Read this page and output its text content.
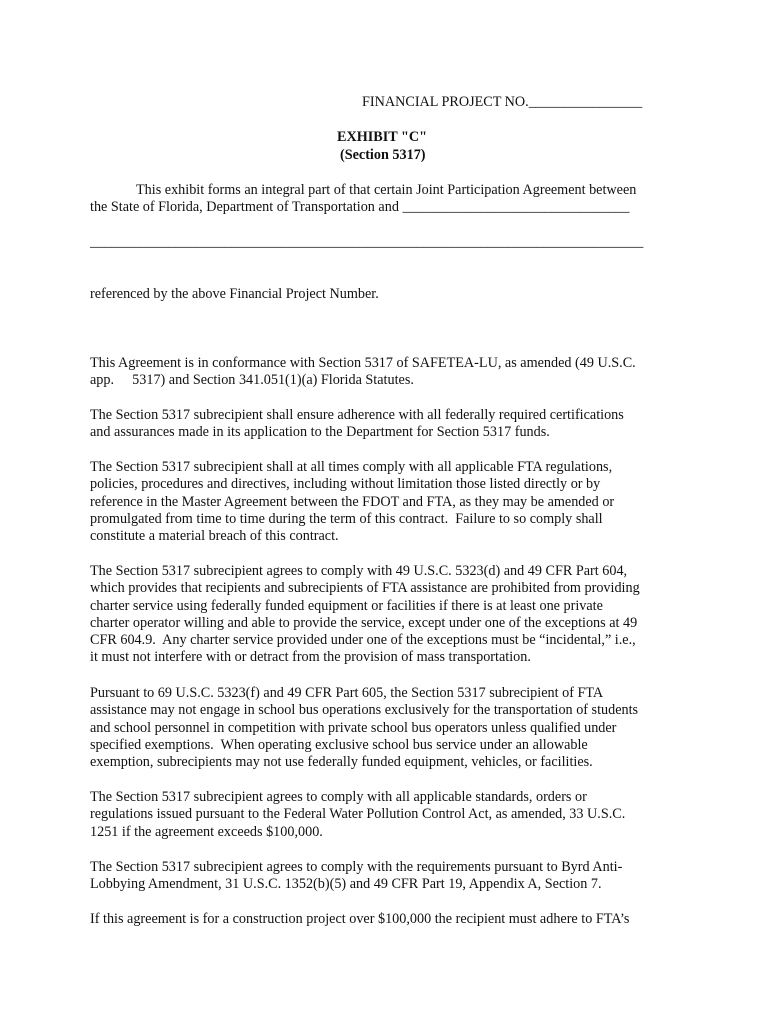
FINANCIAL PROJECT NO.________________
EXHIBIT "C"
(Section 5317)
This exhibit forms an integral part of that certain Joint Participation Agreement between
the State of Florida, Department of Transportation and ________________________________
______________________________________________________________________________
referenced by the above Financial Project Number.
This Agreement is in conformance with Section 5317 of SAFETEA-LU, as amended (49 U.S.C.
app.   5317) and Section 341.051(1)(a) Florida Statutes.
The Section 5317 subrecipient shall ensure adherence with all federally required certifications
and assurances made in its application to the Department for Section 5317 funds.
The Section 5317 subrecipient shall at all times comply with all applicable FTA regulations,
policies, procedures and directives, including without limitation those listed directly or by
reference in the Master Agreement between the FDOT and FTA, as they may be amended or
promulgated from time to time during the term of this contract.  Failure to so comply shall
constitute a material breach of this contract.
The Section 5317 subrecipient agrees to comply with 49 U.S.C. 5323(d) and 49 CFR Part 604,
which provides that recipients and subrecipients of FTA assistance are prohibited from providing
charter service using federally funded equipment or facilities if there is at least one private
charter operator willing and able to provide the service, except under one of the exceptions at 49
CFR 604.9.  Any charter service provided under one of the exceptions must be “incidental,” i.e.,
it must not interfere with or detract from the provision of mass transportation.
Pursuant to 69 U.S.C. 5323(f) and 49 CFR Part 605, the Section 5317 subrecipient of FTA
assistance may not engage in school bus operations exclusively for the transportation of students
and school personnel in competition with private school bus operators unless qualified under
specified exemptions.  When operating exclusive school bus service under an allowable
exemption, subrecipients may not use federally funded equipment, vehicles, or facilities.
The Section 5317 subrecipient agrees to comply with all applicable standards, orders or
regulations issued pursuant to the Federal Water Pollution Control Act, as amended, 33 U.S.C.
1251 if the agreement exceeds $100,000.
The Section 5317 subrecipient agrees to comply with the requirements pursuant to Byrd Anti-
Lobbying Amendment, 31 U.S.C. 1352(b)(5) and 49 CFR Part 19, Appendix A, Section 7.
If this agreement is for a construction project over $100,000 the recipient must adhere to FTA’s
